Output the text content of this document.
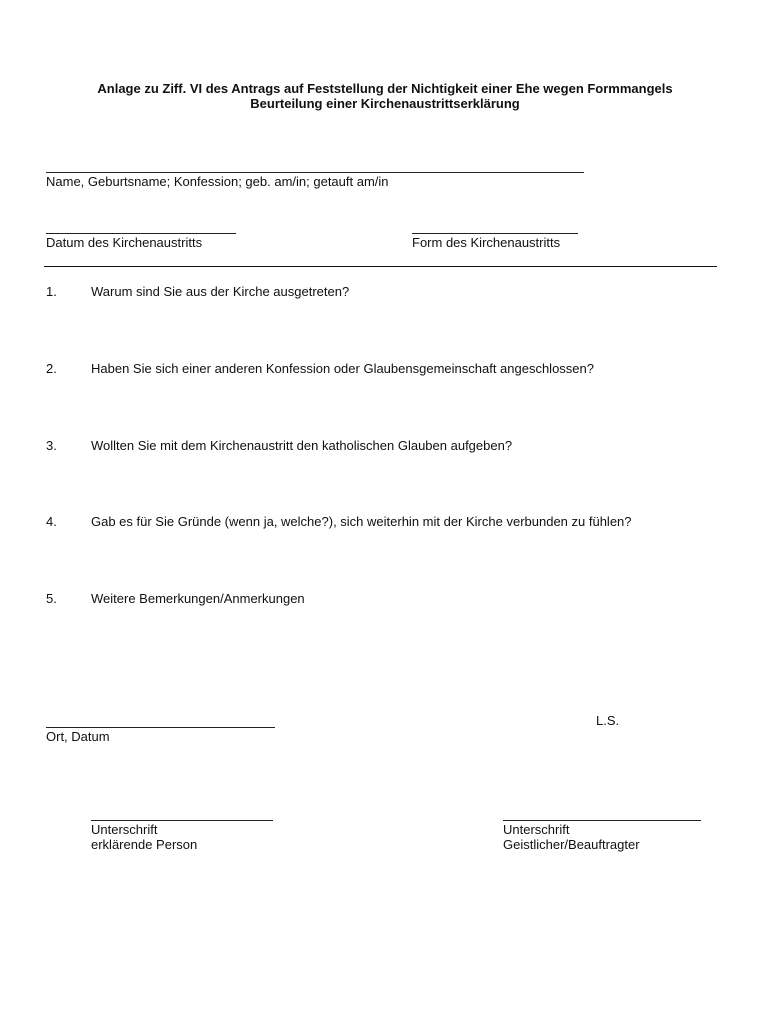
Anlage zu Ziff. VI des Antrags auf Feststellung der Nichtigkeit einer Ehe wegen Formmangels
Beurteilung einer Kirchenaustrittserklärung
Name, Geburtsname; Konfession; geb. am/in; getauft am/in
Datum des Kirchenaustritts	Form des Kirchenaustritts
1.	Warum sind Sie aus der Kirche ausgetreten?
2.	Haben Sie sich einer anderen Konfession oder Glaubensgemeinschaft angeschlossen?
3.	Wollten Sie mit dem Kirchenaustritt den katholischen Glauben aufgeben?
4.	Gab es für Sie Gründe (wenn ja, welche?), sich weiterhin mit der Kirche verbunden zu fühlen?
5.	Weitere Bemerkungen/Anmerkungen
Ort, Datum
L.S.
Unterschrift
erklärende Person
Unterschrift
Geistlicher/Beauftragter
